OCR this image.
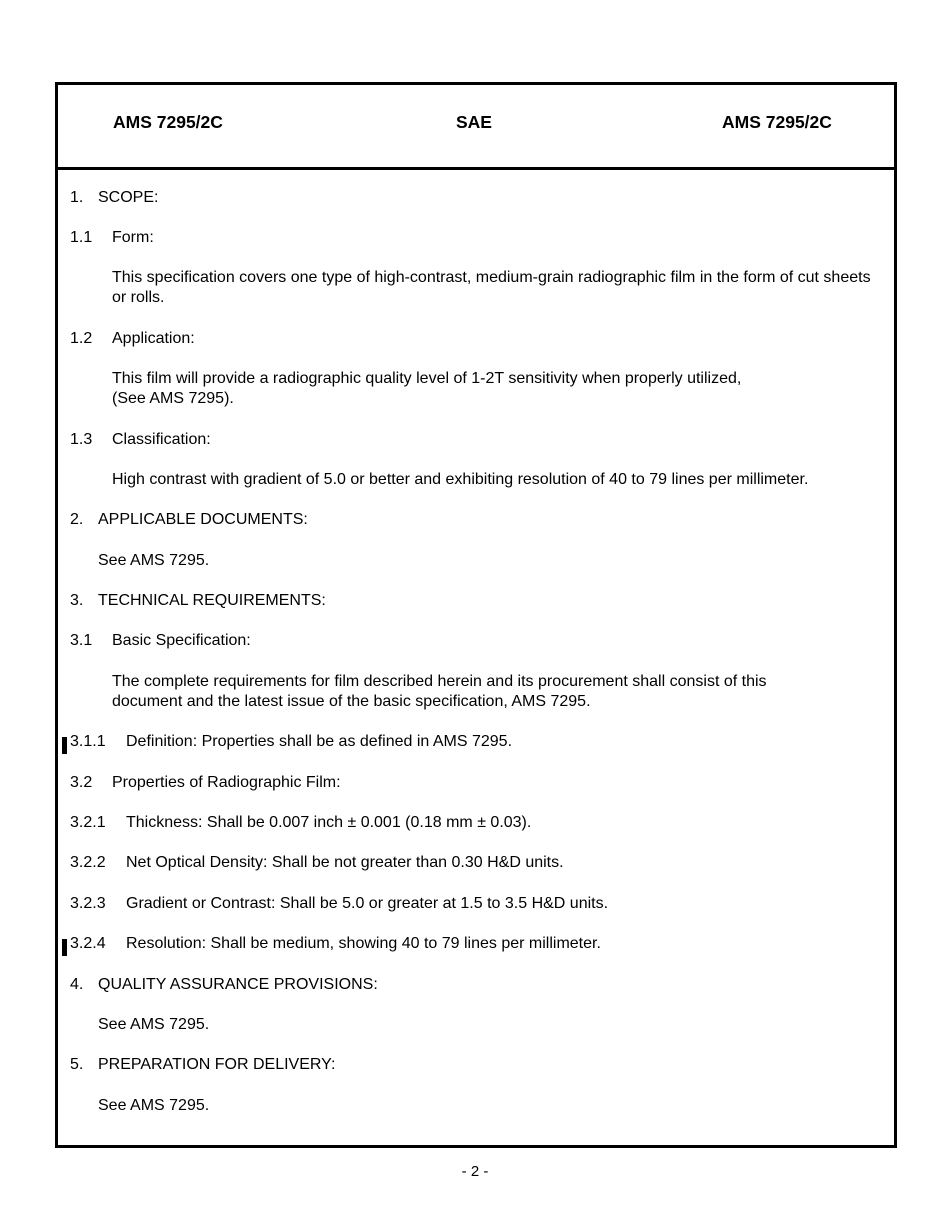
AMS 7295/2C	SAE	AMS 7295/2C
1. SCOPE:
1.1 Form:
This specification covers one type of high-contrast, medium-grain radiographic film in the form of cut sheets or rolls.
1.2 Application:
This film will provide a radiographic quality level of 1-2T sensitivity when properly utilized,
(See AMS 7295).
1.3 Classification:
High contrast with gradient of 5.0 or better and exhibiting resolution of 40 to 79 lines per millimeter.
2. APPLICABLE DOCUMENTS:
See AMS 7295.
3. TECHNICAL REQUIREMENTS:
3.1 Basic Specification:
The complete requirements for film described herein and its procurement shall consist of this document and the latest issue of the basic specification, AMS 7295.
3.1.1 Definition: Properties shall be as defined in AMS 7295.
3.2 Properties of Radiographic Film:
3.2.1 Thickness: Shall be 0.007 inch ± 0.001 (0.18 mm ± 0.03).
3.2.2 Net Optical Density: Shall be not greater than 0.30 H&D units.
3.2.3 Gradient or Contrast: Shall be 5.0 or greater at 1.5 to 3.5 H&D units.
3.2.4 Resolution: Shall be medium, showing 40 to 79 lines per millimeter.
4. QUALITY ASSURANCE PROVISIONS:
See AMS 7295.
5. PREPARATION FOR DELIVERY:
See AMS 7295.
- 2 -
